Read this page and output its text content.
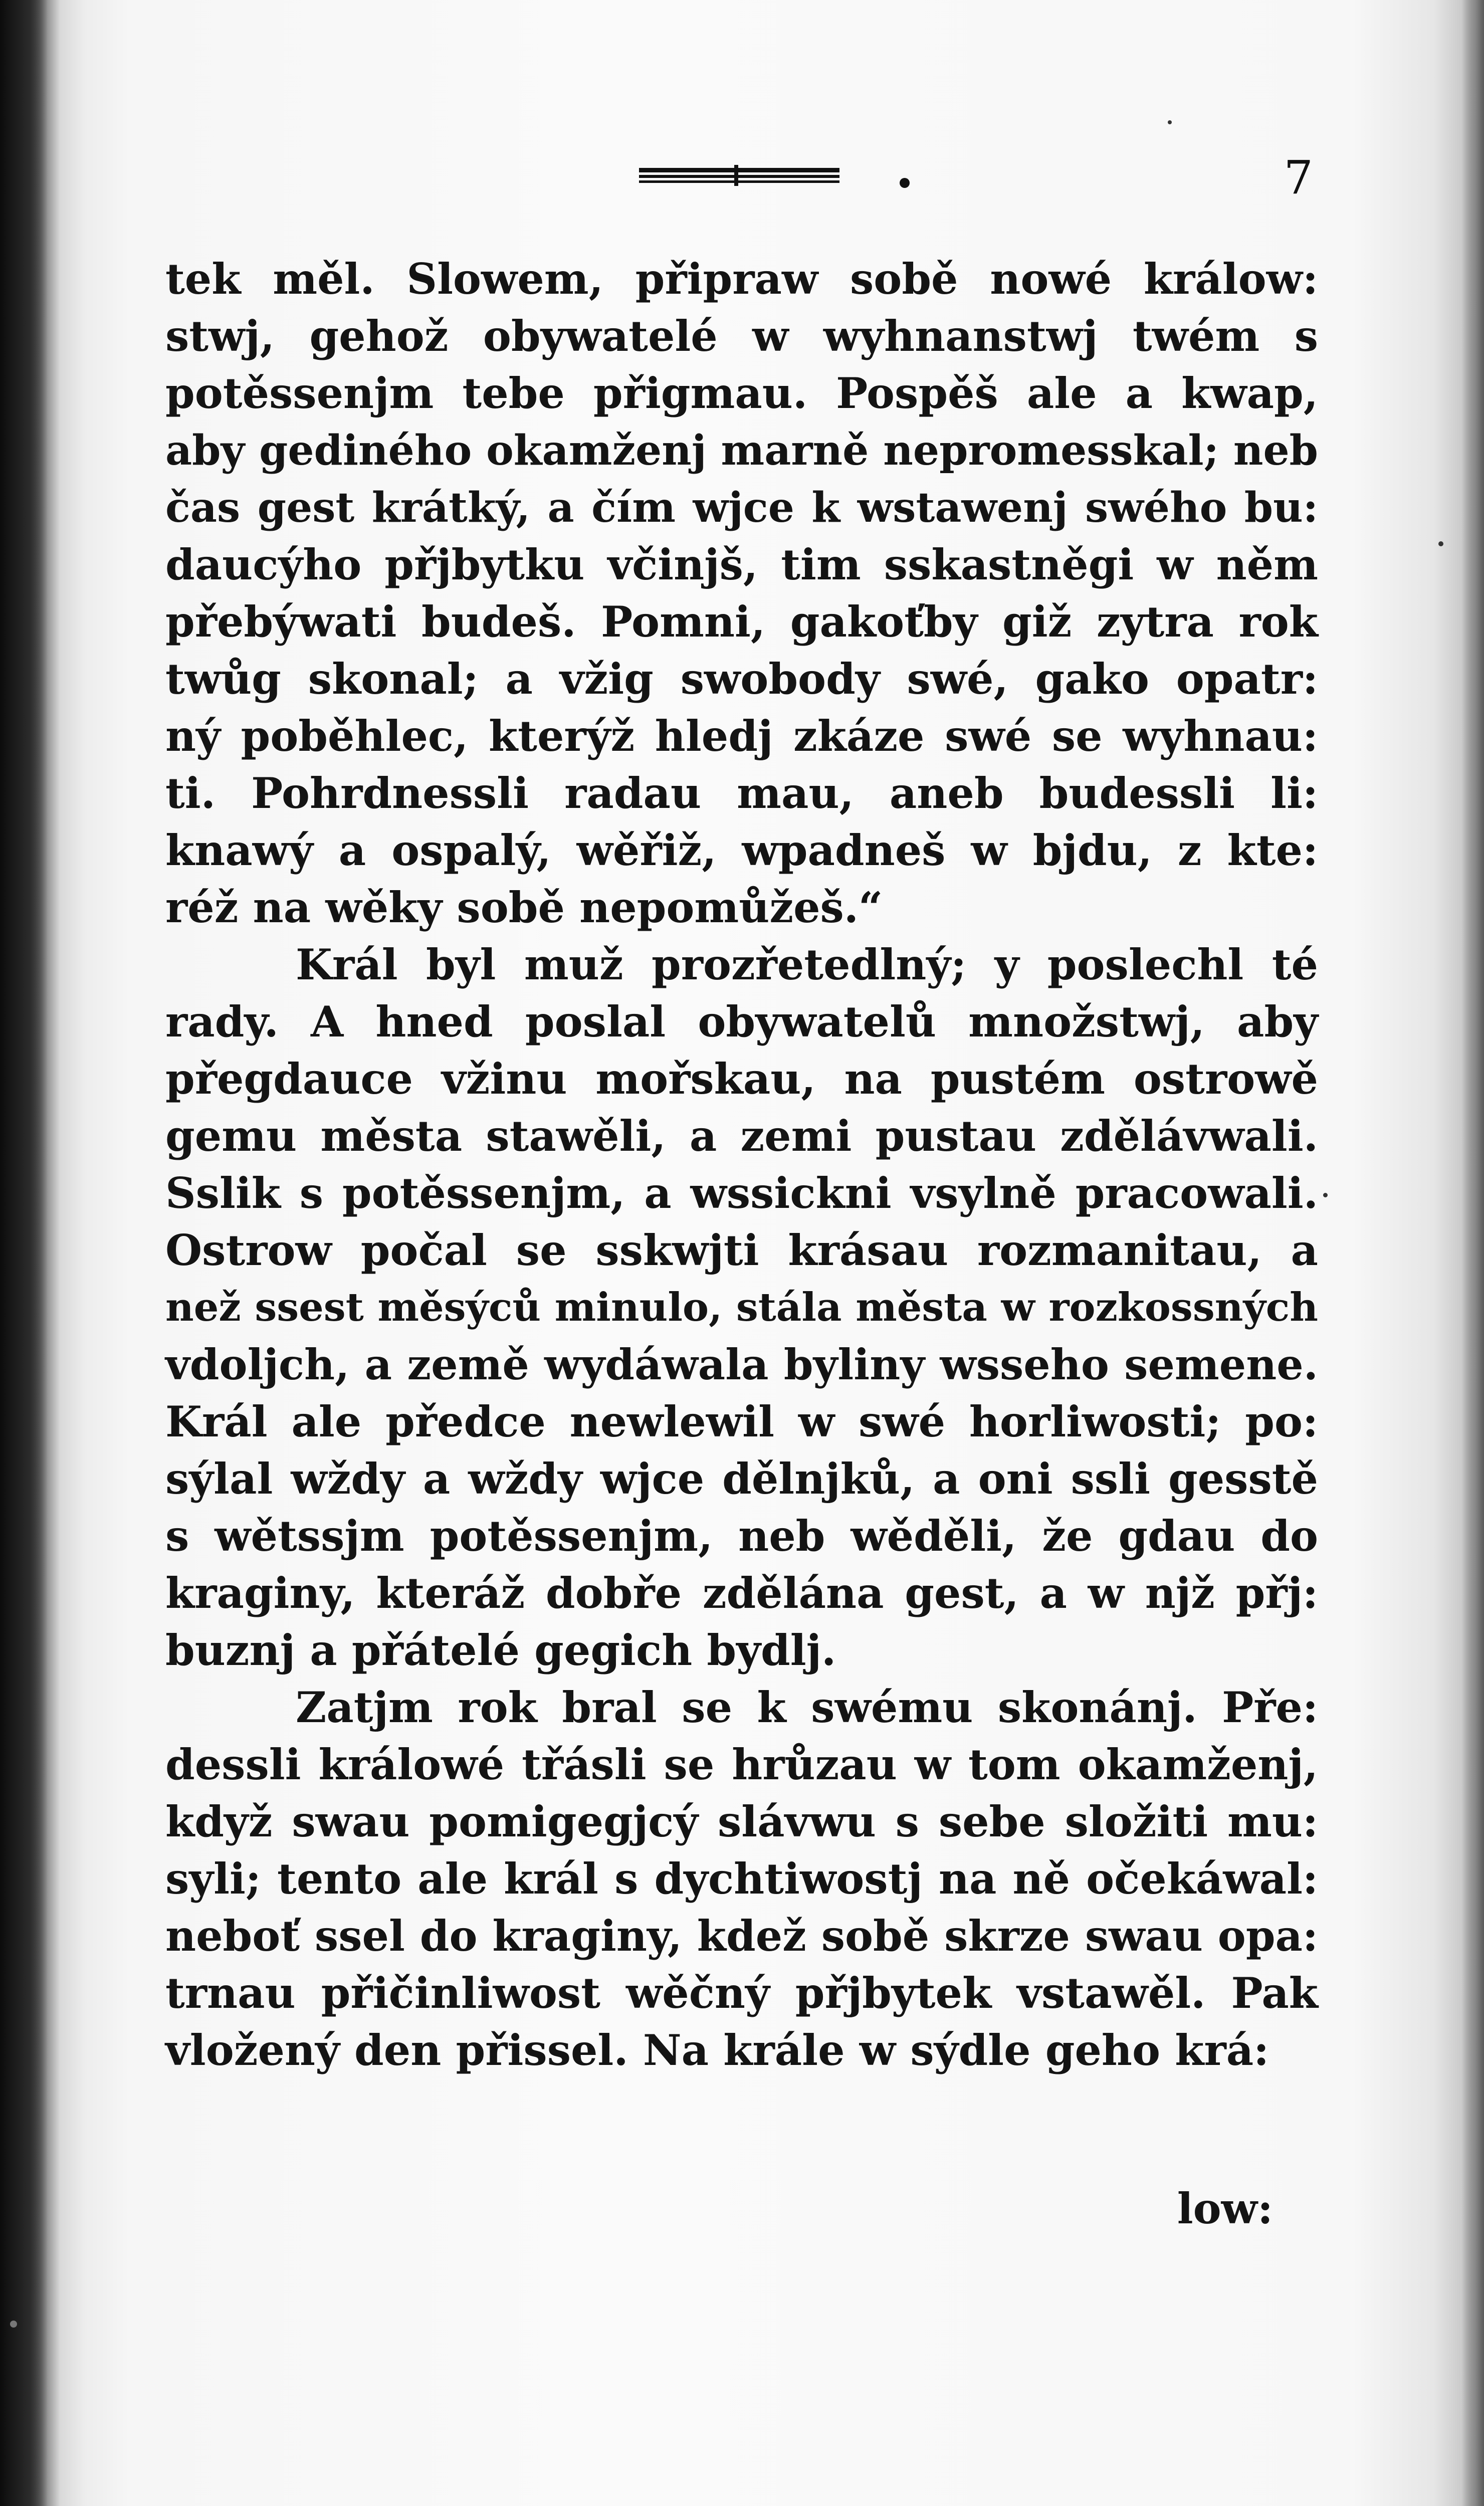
7
tek měl. Slowem, připraw sobě nowé králow:
stwj, gehož obywatelé w wyhnanstwj twém s
potěssenjm tebe přigmau. Pospěš ale a kwap,
aby gediného okamženj marně nepromesskal; neb
čas gest krátký, a čím wjce k wstawenj swého bu:
daucýho přjbytku včinjš, tim sskastněgi w něm
přebýwati budeš. Pomni, gakoťby giž zytra rok
twůg skonal; a vžig swobody swé, gako opatr:
ný poběhlec, kterýž hledj zkáze swé se wyhnau:
ti. Pohrdnessli radau mau, aneb budessli li:
knawý a ospalý, wěřiž, wpadneš w bjdu, z kte:
réž na wěky sobě nepomůžeš.“
Král byl muž prozřetedlný; y poslechl té
rady. A hned poslal obywatelů množstwj, aby
přegdauce vžinu mořskau, na pustém ostrowě
gemu města stawěli, a zemi pustau zdělávwali.
Sslik s potěssenjm, a wssickni vsylně pracowali.
Ostrow počal se sskwjti krásau rozmanitau, a
než ssest měsýců minulo, stála města w rozkossných
vdoljch, a země wydáwala byliny wsseho semene.
Král ale předce newlewil w swé horliwosti; po:
sýlal wždy a wždy wjce dělnjků, a oni ssli gesstě
s wětssjm potěssenjm, neb wěděli, že gdau do
kraginy, kteráž dobře zdělána gest, a w njž přj:
buznj a přátelé gegich bydlj.
Zatjm rok bral se k swému skonánj. Pře:
dessli králowé třásli se hrůzau w tom okamženj,
když swau pomigegjcý slávwu s sebe složiti mu:
syli; tento ale král s dychtiwostj na ně očekáwal:
neboť ssel do kraginy, kdež sobě skrze swau opa:
trnau přičinliwost wěčný přjbytek vstawěl. Pak
vložený den přissel. Na krále w sýdle geho krá:
low:
